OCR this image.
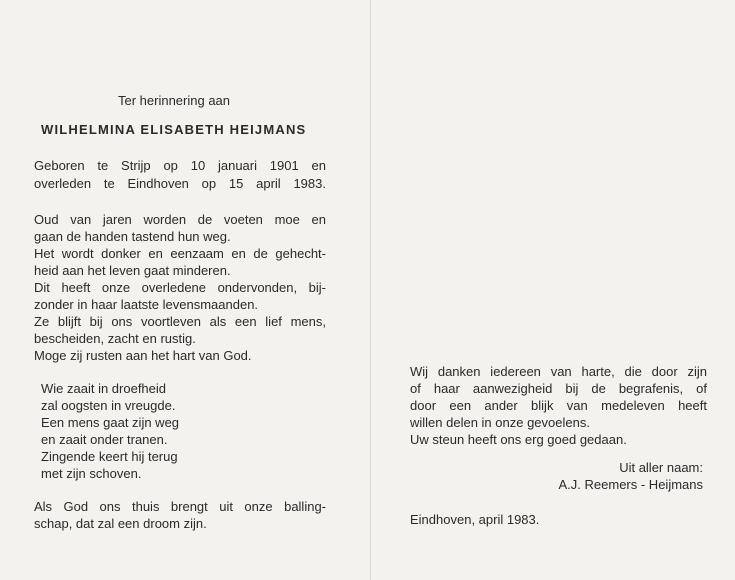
Ter herinnering aan
WILHELMINA ELISABETH HEIJMANS
Geboren te Strijp op 10 januari 1901 en
overleden te Eindhoven op 15 april 1983.
Oud van jaren worden de voeten moe en
gaan de handen tastend hun weg.
Het wordt donker en eenzaam en de gehecht-
heid aan het leven gaat minderen.
Dit heeft onze overledene ondervonden, bij-
zonder in haar laatste levensmaanden.
Ze blijft bij ons voortleven als een lief mens,
bescheiden, zacht en rustig.
Moge zij rusten aan het hart van God.
Wie zaait in droefheid
zal oogsten in vreugde.
Een mens gaat zijn weg
en zaait onder tranen.
Zingende keert hij terug
met zijn schoven.
Als God ons thuis brengt uit onze balling-
schap, dat zal een droom zijn.
Wij danken iedereen van harte, die door zijn
of haar aanwezigheid bij de begrafenis, of
door een ander blijk van medeleven heeft
willen delen in onze gevoelens.
Uw steun heeft ons erg goed gedaan.
Uit aller naam:
A.J. Reemers - Heijmans
Eindhoven, april 1983.
